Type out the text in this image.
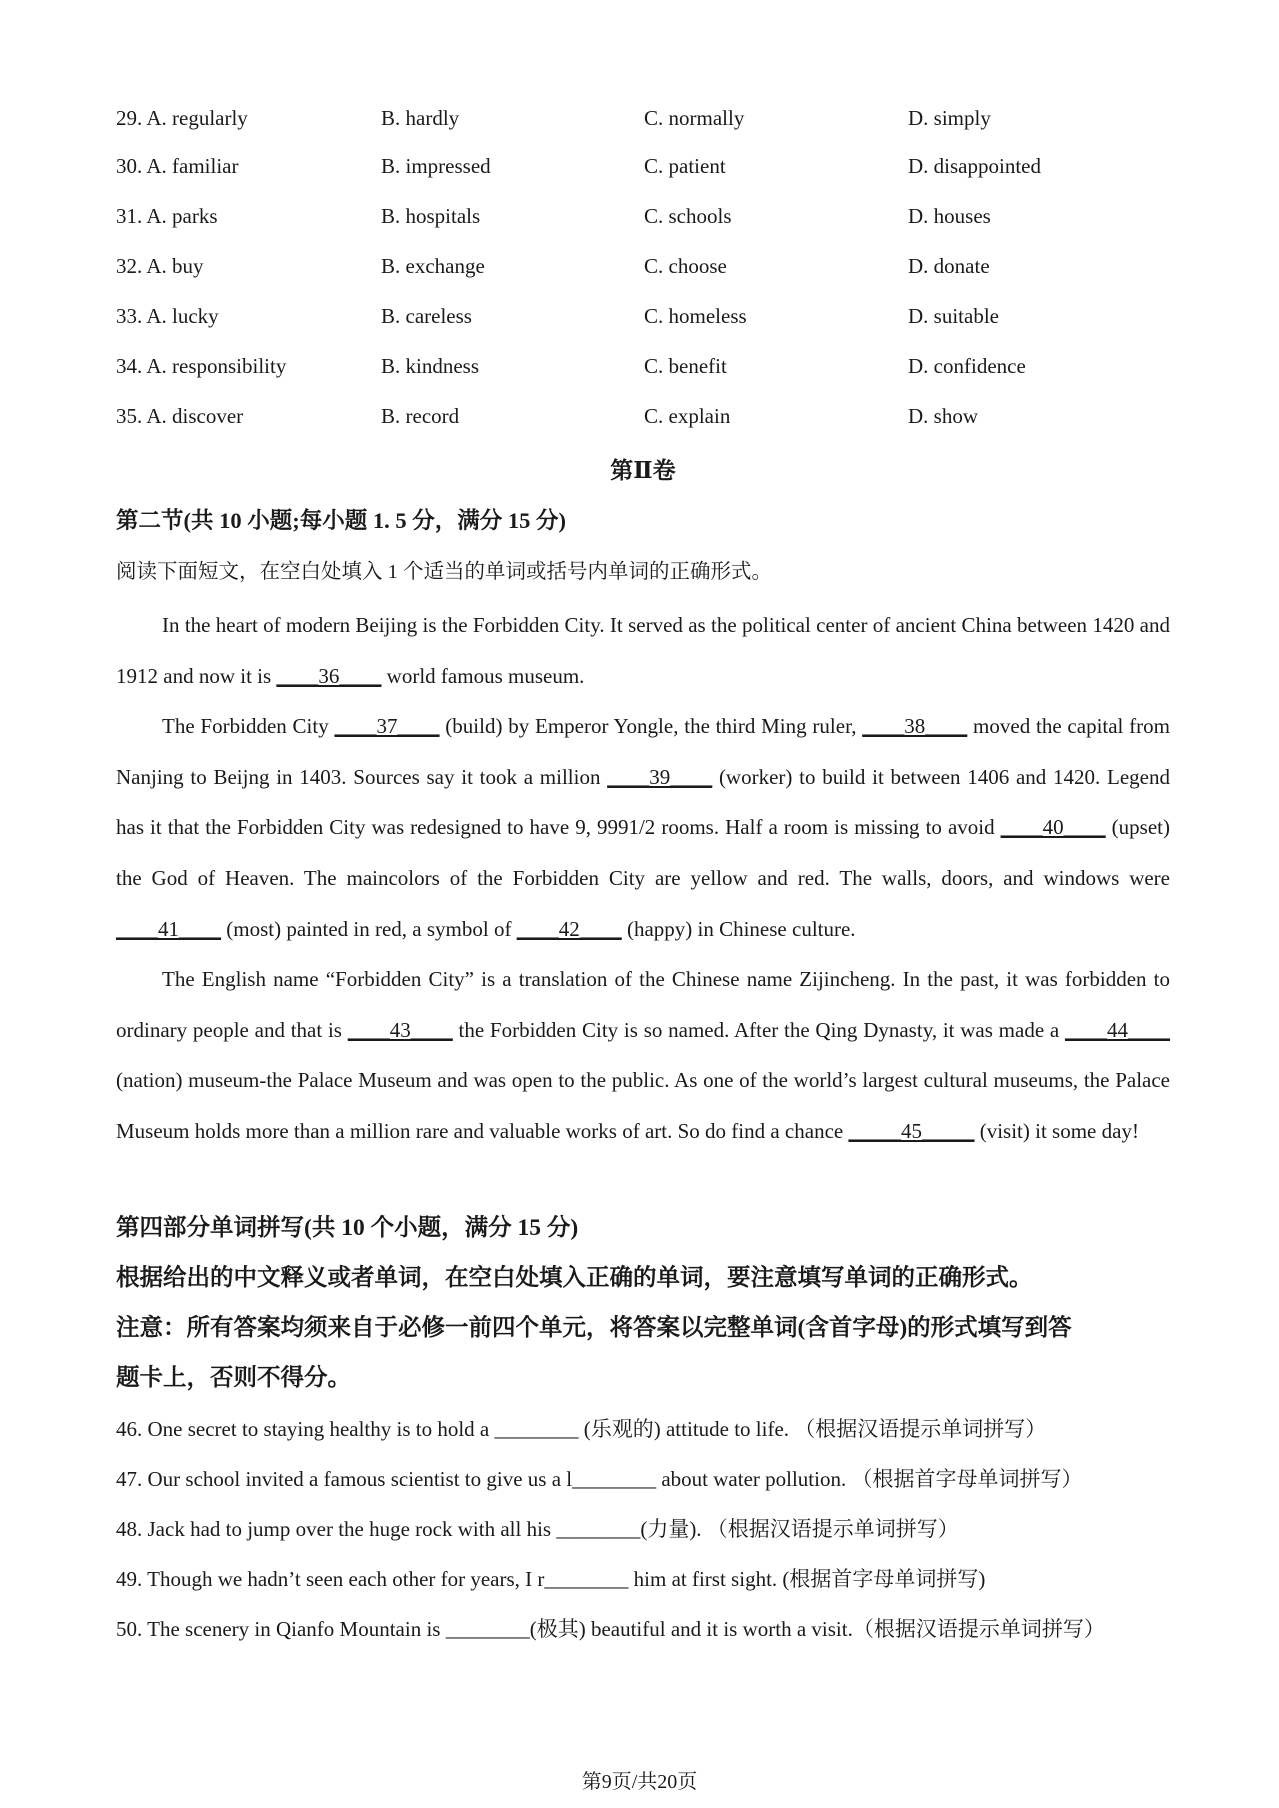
29. A. regularly	B. hardly	C. normally	D. simply
30. A. familiar	B. impressed	C. patient	D. disappointed
31. A. parks	B. hospitals	C. schools	D. houses
32. A. buy	B. exchange	C. choose	D. donate
33. A. lucky	B. careless	C. homeless	D. suitable
34. A. responsibility	B. kindness	C. benefit	D. confidence
35. A. discover	B. record	C. explain	D. show
第Ⅱ卷
第二节(共 10 小题;每小题 1. 5 分，满分 15 分)
阅读下面短文，在空白处填入 1 个适当的单词或括号内单词的正确形式。

In the heart of modern Beijing is the Forbidden City. It served as the political center of ancient China between 1420 and 1912 and now it is ____36____ world famous museum.

The Forbidden City ____37____ (build) by Emperor Yongle, the third Ming ruler, ____38____ moved the capital from Nanjing to Beijng in 1403. Sources say it took a million ____39____ (worker) to build it between 1406 and 1420. Legend has it that the Forbidden City was redesigned to have 9, 9991/2 rooms. Half a room is missing to avoid ____40____ (upset) the God of Heaven. The maincolors of the Forbidden City are yellow and red. The walls, doors, and windows were ____41____ (most) painted in red, a symbol of ____42____ (happy) in Chinese culture.

The English name “Forbidden City” is a translation of the Chinese name Zijincheng. In the past, it was forbidden to ordinary people and that is ____43____ the Forbidden City is so named. After the Qing Dynasty, it was made a ____44____ (nation) museum-the Palace Museum and was open to the public. As one of the world’s largest cultural museums, the Palace Museum holds more than a million rare and valuable works of art. So do find a chance _____45_____ (visit) it some day!

第四部分单词拼写(共 10 个小题，满分 15 分)
根据给出的中文释义或者单词，在空白处填入正确的单词，要注意填写单词的正确形式。
注意：所有答案均须来自于必修一前四个单元，将答案以完整单词(含首字母)的形式填写到答
题卡上，否则不得分。
46. One secret to staying healthy is to hold a ________ (乐观的) attitude to life. （根据汉语提示单词拼写）
47. Our school invited a famous scientist to give us a l________ about water pollution. （根据首字母单词拼写）
48. Jack had to jump over the huge rock with all his ________(力量). （根据汉语提示单词拼写）
49. Though we hadn’t seen each other for years, I r________ him at first sight. (根据首字母单词拼写)
50. The scenery in Qianfo Mountain is ________(极其) beautiful and it is worth a visit.（根据汉语提示单词拼写）
第9页/共20页
